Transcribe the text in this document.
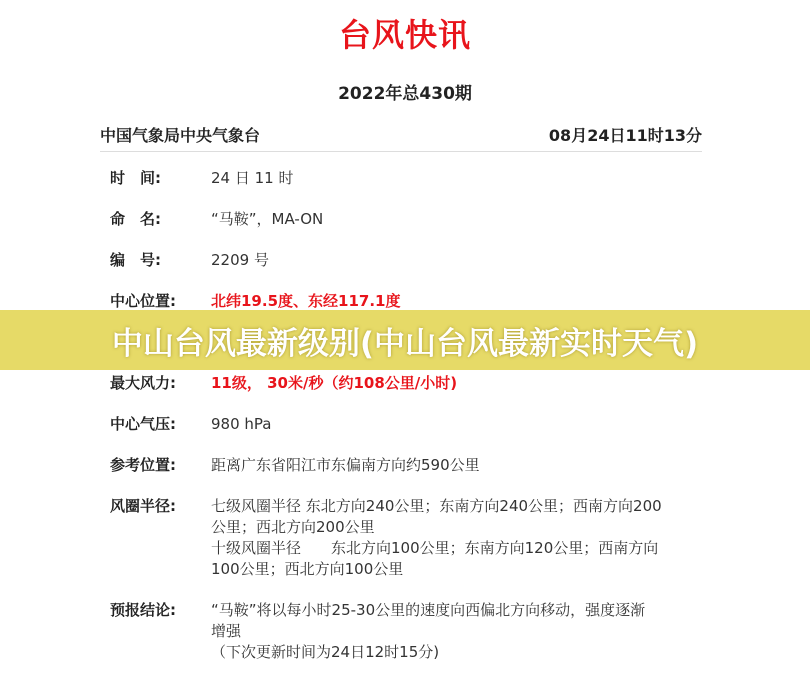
台风快讯
2022年总430期
中国气象局中央气象台	08月24日11时13分
时　间:	24 日 11 时
命　名:	“马鞍”，MA-ON
编　号:	2209 号
中心位置:	北纬19.5度、东经117.1度
最大风力:	11级， 30米/秒（约108公里/小时)
中心气压:	980 hPa
参考位置:	距离广东省阳江市东偏南方向约590公里
风圈半径:	七级风圈半径 东北方向240公里；东南方向240公里；西南方向200
公里；西北方向200公里
十级风圈半径　　东北方向100公里；东南方向120公里；西南方向
100公里；西北方向100公里
预报结论:	“马鞍”将以每小时25-30公里的速度向西偏北方向移动，强度逐渐
增强
（下次更新时间为24日12时15分)
中山台风最新级别(中山台风最新实时天气)
